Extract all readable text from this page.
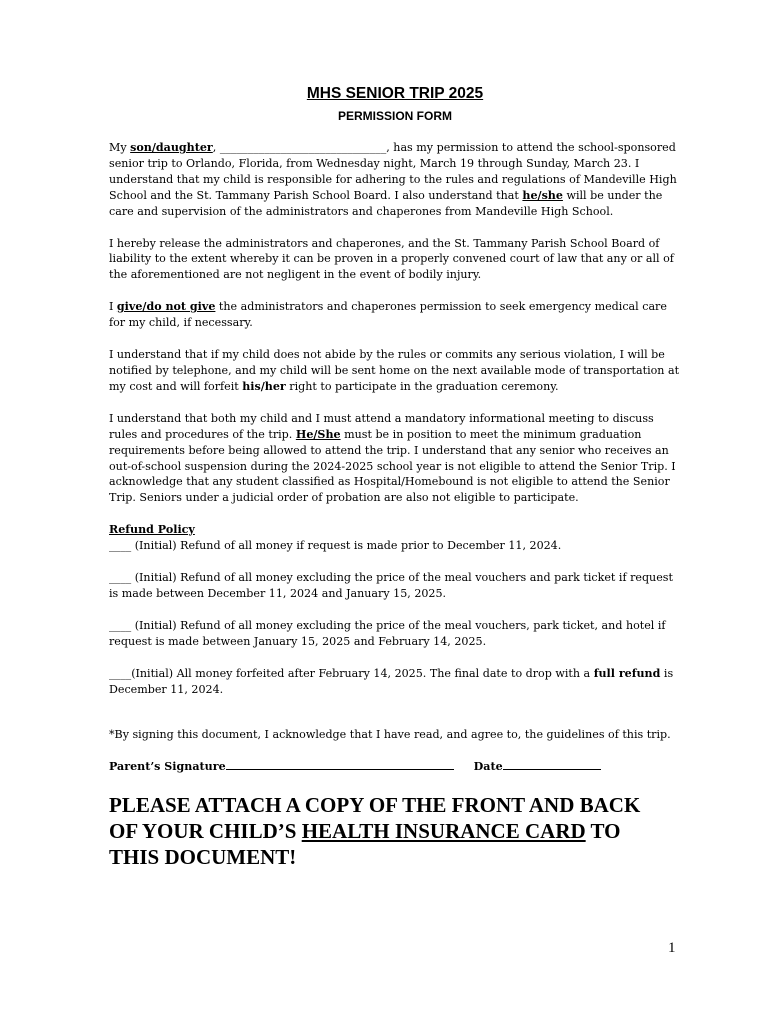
MHS SENIOR TRIP 2025
PERMISSION FORM

My son/daughter, ______________________________, has my permission to attend the school-sponsored senior trip to Orlando, Florida, from Wednesday night, March 19 through Sunday, March 23. I understand that my child is responsible for adhering to the rules and regulations of Mandeville High School and the St. Tammany Parish School Board. I also understand that he/she will be under the care and supervision of the administrators and chaperones from Mandeville High School.

I hereby release the administrators and chaperones, and the St. Tammany Parish School Board of liability to the extent whereby it can be proven in a properly convened court of law that any or all of the aforementioned are not negligent in the event of bodily injury.

I give/do not give the administrators and chaperones permission to seek emergency medical care for my child, if necessary.

I understand that if my child does not abide by the rules or commits any serious violation, I will be notified by telephone, and my child will be sent home on the next available mode of transportation at my cost and will forfeit his/her right to participate in the graduation ceremony.

I understand that both my child and I must attend a mandatory informational meeting to discuss rules and procedures of the trip. He/She must be in position to meet the minimum graduation requirements before being allowed to attend the trip. I understand that any senior who receives an out-of-school suspension during the 2024-2025 school year is not eligible to attend the Senior Trip. I acknowledge that any student classified as Hospital/Homebound is not eligible to attend the Senior Trip. Seniors under a judicial order of probation are also not eligible to participate.

Refund Policy

____ (Initial) Refund of all money if request is made prior to December 11, 2024.

____ (Initial) Refund of all money excluding the price of the meal vouchers and park ticket if request is made between December 11, 2024 and January 15, 2025.

____ (Initial) Refund of all money excluding the price of the meal vouchers, park ticket, and hotel if request is made between January 15, 2025 and February 14, 2025.

____(Initial) All money forfeited after February 14, 2025. The final date to drop with a full refund is December 11, 2024.

*By signing this document, I acknowledge that I have read, and agree to, the guidelines of this trip.

Parent’s Signature	Date
PLEASE ATTACH A COPY OF THE FRONT AND BACK OF YOUR CHILD’S HEALTH INSURANCE CARD TO THIS DOCUMENT!
1
